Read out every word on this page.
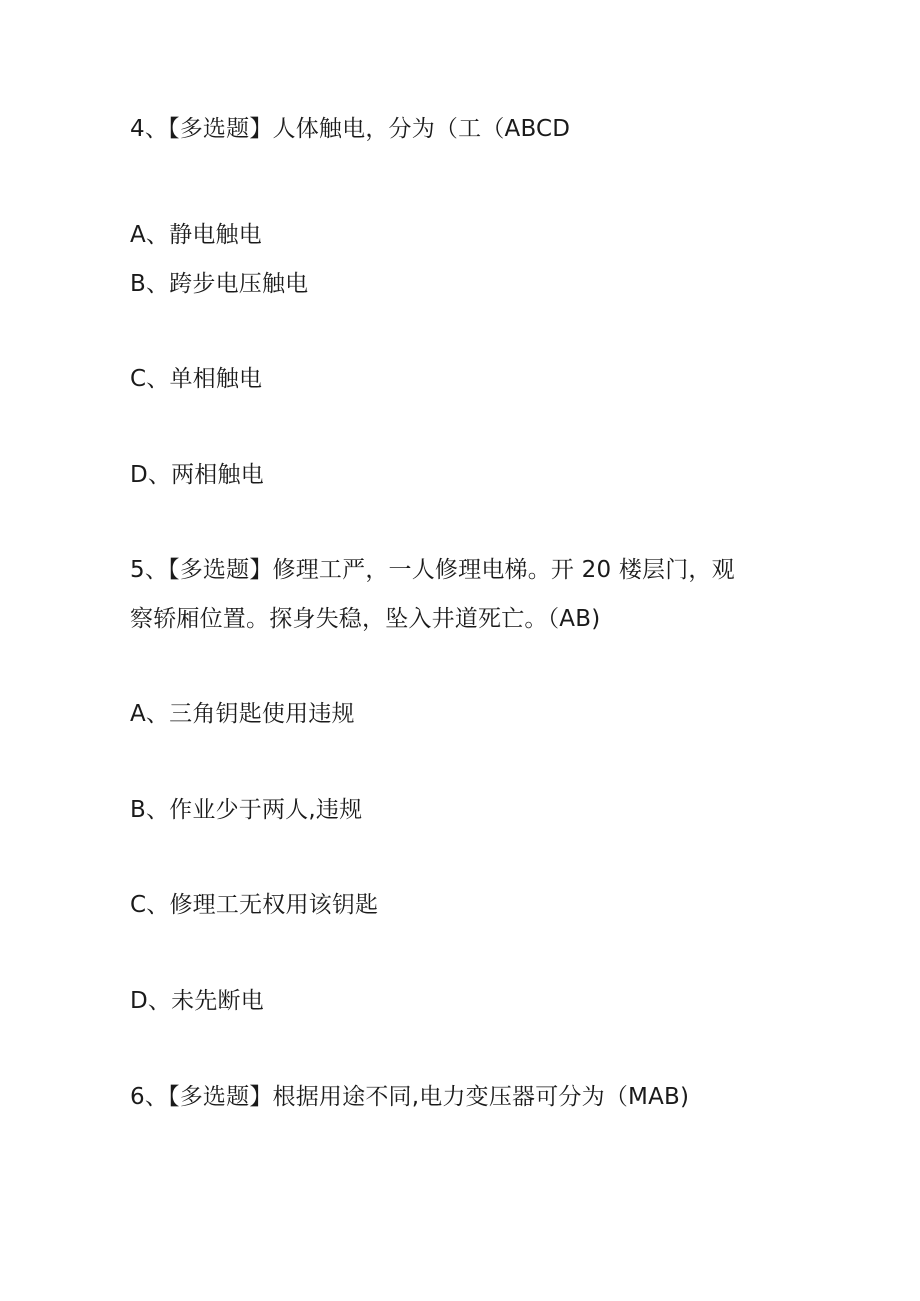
4、【多选题】人体触电，分为（工（ABCD
A、静电触电
B、跨步电压触电
C、单相触电
D、两相触电
5、【多选题】修理工严，一人修理电梯。开 20 楼层门，观
察轿厢位置。探身失稳，坠入井道死亡。（AB)
A、三角钥匙使用违规
B、作业少于两人,违规
C、修理工无权用该钥匙
D、未先断电
6、【多选题】根据用途不同,电力变压器可分为（MAB)
